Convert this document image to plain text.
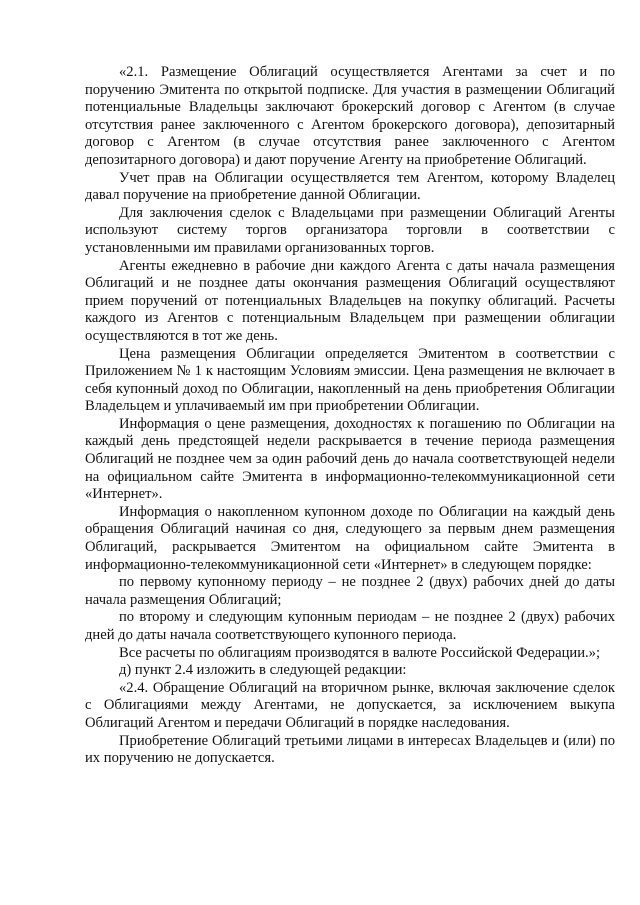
«2.1. Размещение Облигаций осуществляется Агентами за счет и по поручению Эмитента по открытой подписке. Для участия в размещении Облигаций потенциальные Владельцы заключают брокерский договор с Агентом (в случае отсутствия ранее заключенного с Агентом брокерского договора), депозитарный договор с Агентом (в случае отсутствия ранее заключенного с Агентом депозитарного договора) и дают поручение Агенту на приобретение Облигаций.

Учет прав на Облигации осуществляется тем Агентом, которому Владелец давал поручение на приобретение данной Облигации.

Для заключения сделок с Владельцами при размещении Облигаций Агенты используют систему торгов организатора торговли в соответствии с установленными им правилами организованных торгов.

Агенты ежедневно в рабочие дни каждого Агента с даты начала размещения Облигаций и не позднее даты окончания размещения Облигаций осуществляют прием поручений от потенциальных Владельцев на покупку облигаций. Расчеты каждого из Агентов с потенциальным Владельцем при размещении облигации осуществляются в тот же день.

Цена размещения Облигации определяется Эмитентом в соответствии с Приложением № 1 к настоящим Условиям эмиссии. Цена размещения не включает в себя купонный доход по Облигации, накопленный на день приобретения Облигации Владельцем и уплачиваемый им при приобретении Облигации.

Информация о цене размещения, доходностях к погашению по Облигации на каждый день предстоящей недели раскрывается в течение периода размещения Облигаций не позднее чем за один рабочий день до начала соответствующей недели на официальном сайте Эмитента в информационно-телекоммуникационной сети «Интернет».

Информация о накопленном купонном доходе по Облигации на каждый день обращения Облигаций начиная со дня, следующего за первым днем размещения Облигаций, раскрывается Эмитентом на официальном сайте Эмитента в информационно-телекоммуникационной сети «Интернет» в следующем порядке:

по первому купонному периоду – не позднее 2 (двух) рабочих дней до даты начала размещения Облигаций;

по второму и следующим купонным периодам – не позднее 2 (двух) рабочих дней до даты начала соответствующего купонного периода.

Все расчеты по облигациям производятся в валюте Российской Федерации.»;

д) пункт 2.4 изложить в следующей редакции:

«2.4. Обращение Облигаций на вторичном рынке, включая заключение сделок с Облигациями между Агентами, не допускается, за исключением выкупа Облигаций Агентом и передачи Облигаций в порядке наследования.

Приобретение Облигаций третьими лицами в интересах Владельцев и (или) по их поручению не допускается.
